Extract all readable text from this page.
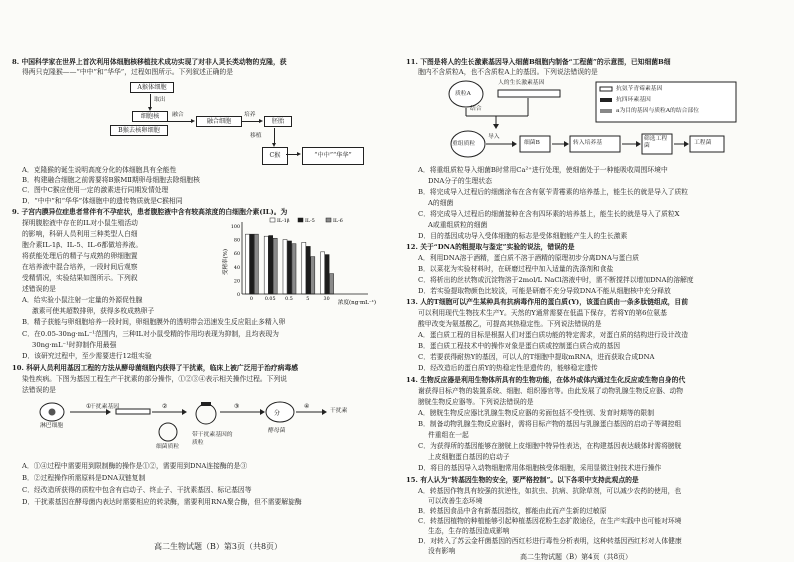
8. 中国科学家在世界上首次利用体细胞核移植技术成功实现了对非人灵长类动物的克隆，获
得两只克隆猴——“中中”和“华华”，过程如图所示。下列叙述正确的是
A猴体细胞
取出
细胞核
B猴去核卵细胞
融合
融合细胞
培养
胚胎
移植
C猴	“中中”“华华”
A．克隆猴的诞生说明高度分化的体细胞具有全能性
B．构建融合细胞之前需要将B猴MⅡ期卵母细胞去除细胞核
C．图中C猴应使用一定的激素进行同期发情处理
D．“中中”和“华华”体细胞中的遗传物质就是C猴相同
9. 子宫内膜异位症患者常伴有不孕症状，患者腹腔液中含有较高浓度的白细胞介素(IL)。为
探明腹腔液中存在的IL对小鼠生殖活动
的影响，科研人员利用三种类型人白细
胞介素IL-1β、IL-5、IL-6都做培养液。
将获能处理后的精子与成熟的卵细胞置
在培养液中混合培养，一段时间后观察
受精情况，实验结果如图所示。下列叙
述错误的是
受精率(%)
0
20
40
60
80
100
0 0.05 0.5	5	30
浓度(ng·mL⁻¹)
IL-1β	IL-5	IL-6
A．给实验小鼠注射一定量的外源促性腺
激素可使其超数排卵，获得多枚成熟卵子
B．精子获能与卵细胞培养一段时间，卵细胞膜外的透明带会迅速发生反应阻止多精入卵
C．在0.05-30ng·mL⁻¹范围内，三种IL对小鼠受精的作用均表现为抑制，且均表现为
30ng·mL⁻¹时抑制作用最强
D．该研究过程中，至少需要进行12组实验
10. 科研人员利用基因工程的方法从酵母菌细胞内获得了干扰素，临床上被广泛用于治疗病毒感
染性疾病。下图为基因工程生产干扰素的部分操作，①②③④表示相关操作过程。下列说
法错误的是
①	②	③
分
④
淋巴细胞
干扰素基因
细菌质粒
带干扰素基因的质粒
酵母菌
干扰素
A．①④过程中需要用到限制酶的操作是①②，需要用到DNA连接酶的是③
B．②过程操作所需原料是DNA双链复制
C．经改造所获得的质粒中包含有启动子、终止子、干扰素基因、标记基因等
D．干扰素基因在酵母菌内表达时需要相应的转录酶，需要利用RNA聚合酶，但不需要解旋酶
高二生物试题（B）第3页（共8页）
11. 下图是将人的生长激素基因导入细菌B细胞内制备“工程菌”的示意图，已知细菌B细
胞内不含质粒A，也不含质粒A上的基因。下列说法错误的是
质粒A
人的生长激素基因
结合
重组质粒
导入
细菌B	转入培养基
筛选工程菌	工程菌
抗氨苄青霉素基因
抗四环素基因
a为目的基因与质粒A的结合部位
A．将重组质粒导入细菌B时常用Ca²⁺进行处理，使细菌处于一种能吸收周围环境中
DNA分子的生理状态
B．将完成导入过程后的细菌涂布在含有氨苄青霉素的培养基上，能生长的就是导入了质粒
A的细菌
C．将完成导入过程后的细菌接种在含有四环素的培养基上，能生长的就是导入了质粒X
A或重组质粒的细菌
D．目的基因成功导入受体细胞的标志是受体细胞能产生人的生长激素
12. 关于“DNA的粗提取与鉴定”实验的说法，错误的是
A．利用DNA溶于酒精，蛋白质不溶于酒精的原理初步分离DNA与蛋白质
B．以菜花为实验材料时，在研磨过程中加入适量的洗涤剂和食盐
C．将析出的丝状物或沉淀物溶于2mol/L NaCl溶液中时，需不断搅拌以增加DNA的溶解度
D．若实验提取物颜色比较淡，可能是研磨不充分导致DNA不能从细胞核中充分释放
13. 人的T细胞可以产生某种具有抗病毒作用的蛋白质(Y)，该蛋白质由一条多肽链组成，目前
可以利用现代生物技术生产Y。天然的Y通常需要在低温下保存，若将Y的第6位氨基
酸甲改变为氨基酸乙，可提高其热稳定性。下列说法错误的是
A．蛋白质工程的目标是根据人们对蛋白质功能的特定需求，对蛋白质的结构进行设计改造
B．蛋白质工程技术中的操作对象是蛋白质或控制蛋白质合成的基因
C．若要获得耐热Y的基因，可以人的T细胞中提取mRNA，进而获取合成DNA
D．经改造后的蛋白质Y的热稳定性是遗传的，能够稳定遗传
14. 生物反应器是利用生物体所具有的生物功能，在体外或体内通过生化反应或生物自身的代
谢获得目标产物的装置系统、细胞、组织器官等。由此发展了动物乳腺生物反应器、动物
膀胱生物反应器等。下列说法错误的是
A．膀胱生物反应器比乳腺生物反应器的劣面包括不受性别、发育时期等的限制
B．制备动物乳腺生物反应器时，需将目标产物的基因与乳腺蛋白基因的启动子等调控组
件重组在一起
C．为获得所的基因能够在膀胱上皮细胞中特异性表达，在构建基因表达载体时需将膀胱
上皮细胞蛋白基因的启动子
D．将目的基因导入动物细胞常用体细胞核受体细胞，采用显微注射技术进行操作
15. 有人认为“转基因生物的安全，要严格控制”。以下各项中支持此观点的是
A．转基因作物具有较强的抗逆性，如抗虫、抗病、抗除草剂，可以减少农药的使用，也
可以改善生态环境
B．转基因食品中含有新基因指纹，都能由此而产生新的过敏原
C．转基因植物的种植能够引起种植基因花粉生态扩散途径，在生产实践中也可能对环境
生态，生存的基因造成影响
D．对转入了苏云金杆菌基因的西红杉进行毒性分析表明，这种转基因西红杉对人体健康
没有影响
高二生物试题（B）第4页（共8页）
